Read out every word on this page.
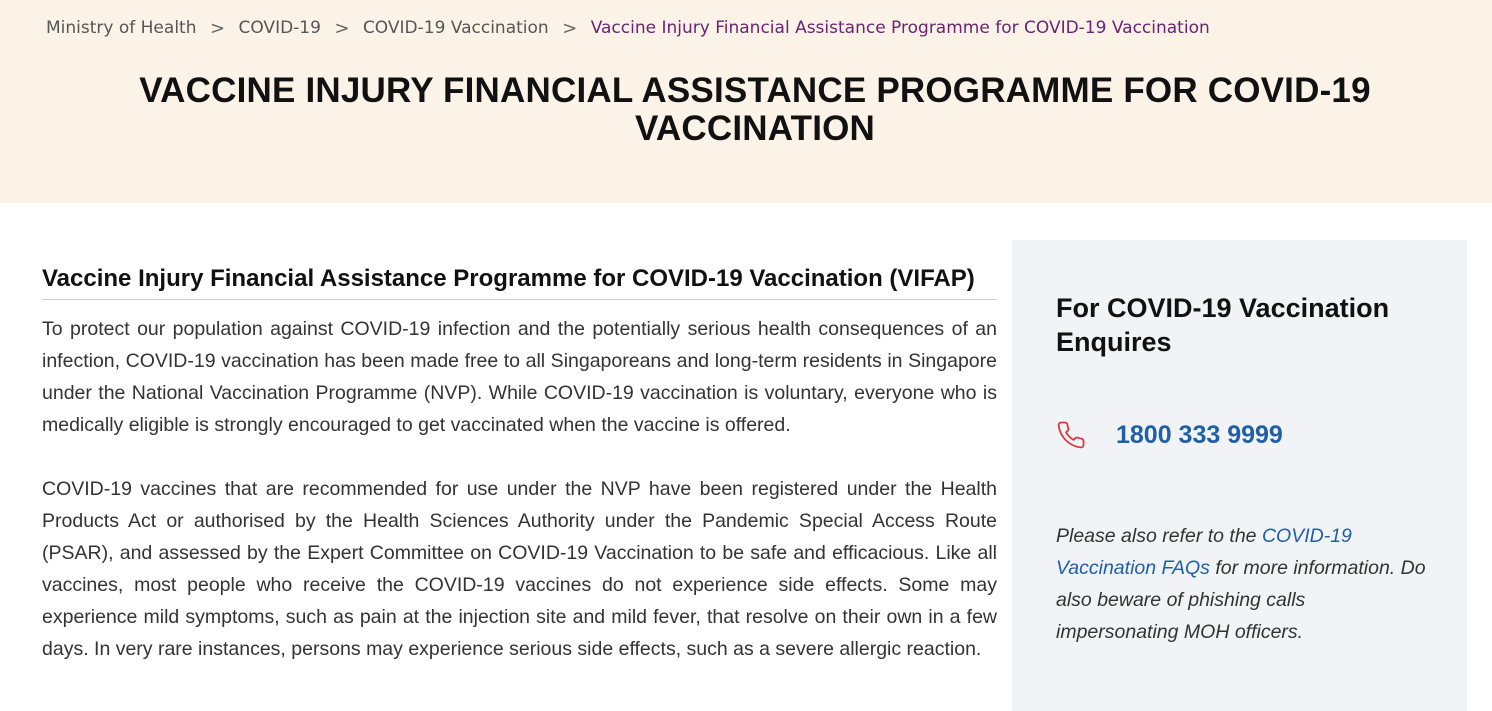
Ministry of Health > COVID-19 > COVID-19 Vaccination > Vaccine Injury Financial Assistance Programme for COVID-19 Vaccination
VACCINE INJURY FINANCIAL ASSISTANCE PROGRAMME FOR COVID-19 VACCINATION
Vaccine Injury Financial Assistance Programme for COVID-19 Vaccination (VIFAP)

To protect our population against COVID-19 infection and the potentially serious health consequences of an infection, COVID-19 vaccination has been made free to all Singaporeans and long-term residents in Singapore under the National Vaccination Programme (NVP). While COVID-19 vaccination is voluntary, everyone who is medically eligible is strongly encouraged to get vaccinated when the vaccine is offered.

COVID-19 vaccines that are recommended for use under the NVP have been registered under the Health Products Act or authorised by the Health Sciences Authority under the Pandemic Special Access Route (PSAR), and assessed by the Expert Committee on COVID-19 Vaccination to be safe and efficacious. Like all vaccines, most people who receive the COVID-19 vaccines do not experience side effects. Some may experience mild symptoms, such as pain at the injection site and mild fever, that resolve on their own in a few days. In very rare instances, persons may experience serious side effects, such as a severe allergic reaction.

For COVID-19 Vaccination Enquires
1800 333 9999

Please also refer to the COVID-19 Vaccination FAQs for more information. Do also beware of phishing calls impersonating MOH officers.
